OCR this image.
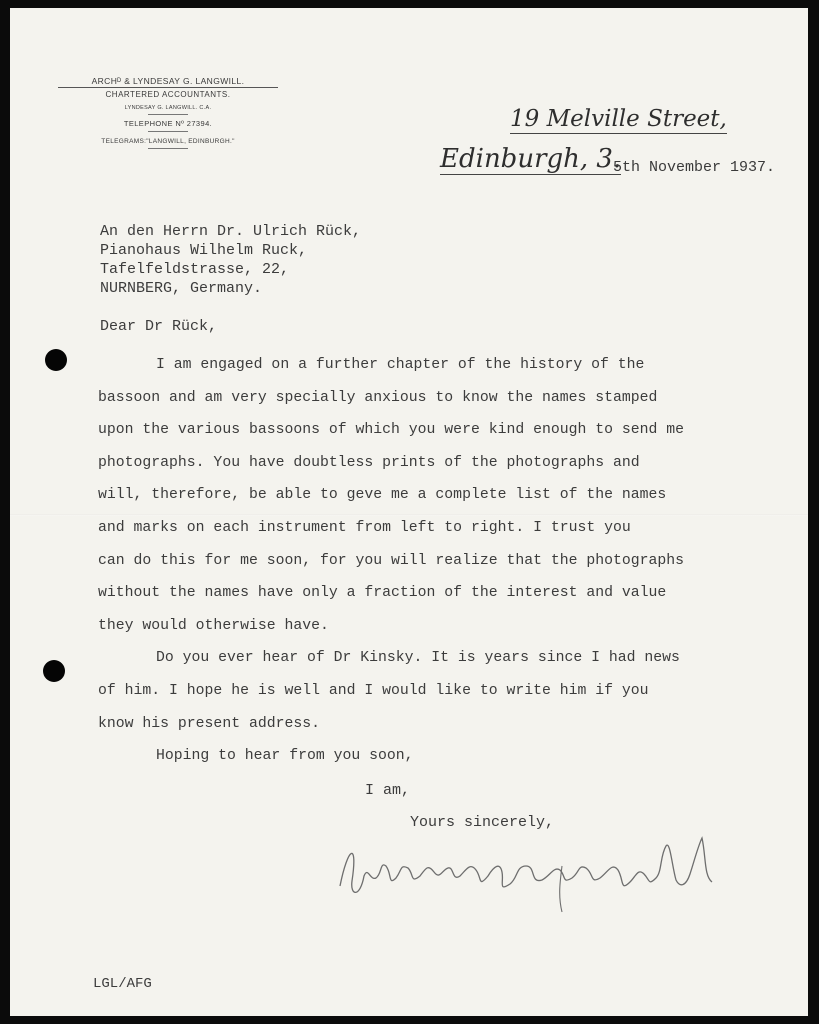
ARCHᴰ & LYNDESAY G. LANGWILL.
CHARTERED ACCOUNTANTS.
LYNDESAY G. LANGWILL. C.A.
TELEPHONE Nº 27394.
TELEGRAMS:"LANGWILL, EDINBURGH."
19 Melville Street,
Edinburgh, 3.
5th November 1937.
An den Herrn Dr. Ulrich Rück,
Pianohaus Wilhelm Ruck,
Tafelfeldstrasse, 22,
NURNBERG, Germany.
Dear Dr Rück,
I am engaged on a further chapter of the history of the
bassoon and am very specially anxious to know the names stamped
upon the various bassoons of which you were kind enough to send me
photographs. You have doubtless prints of the photographs and
will, therefore, be able to geve me a complete list of the names
and marks on each instrument from left to right. I trust you
can do this for me soon, for you will realize that the photographs
without the names have only a fraction of the interest and value
they would otherwise have.
Do you ever hear of Dr Kinsky. It is years since I had news
of him. I hope he is well and I would like to write him if you
know his present address.
Hoping to hear from you soon,
I am,
Yours sincerely,
LGL/AFG
